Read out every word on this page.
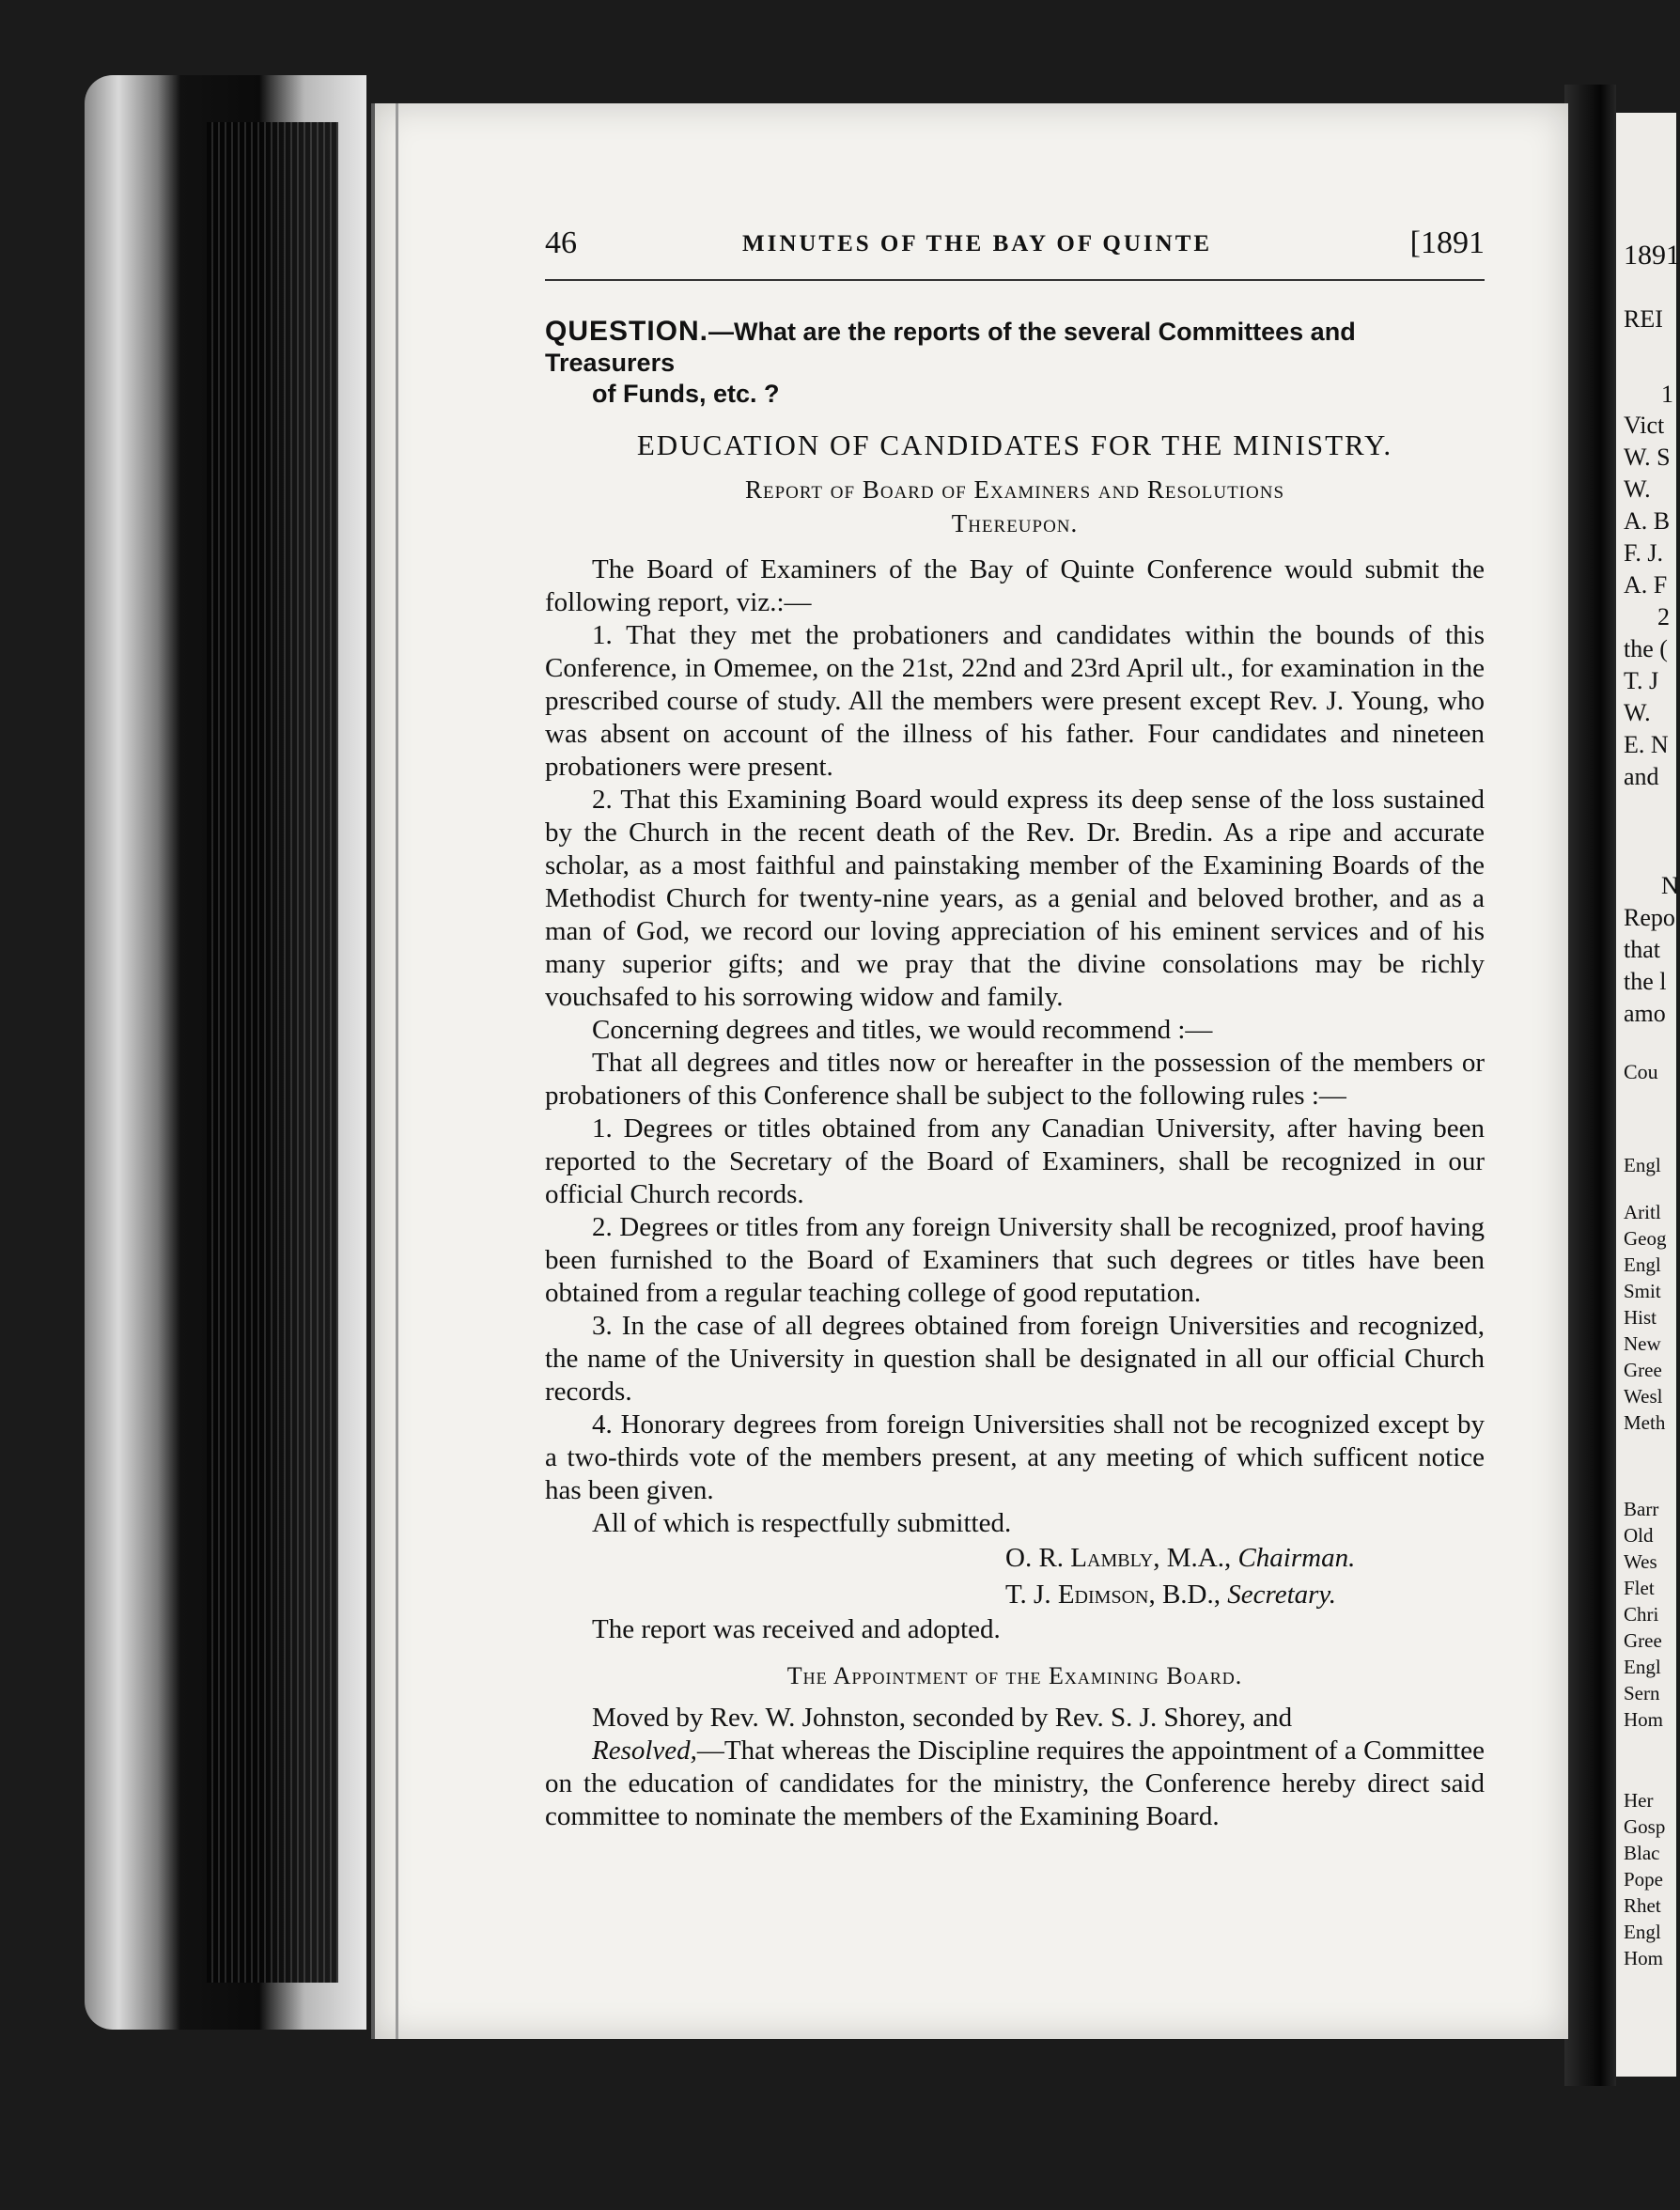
1891
REI
1
Vict
W. S
W.
A. B
F. J.
A. F
2
the (
T. J
W.
E. N
and
N
Repo
that
the l
amo
Cou
Engl
Aritl
Geog
Engl
Smit
Hist
New
Gree
Wesl
Meth
Barr
Old
Wes
Flet
Chri
Gree
Engl
Sern
Hom
Her
Gosp
Blac
Pope
Rhet
Engl
Hom
46	MINUTES OF THE BAY OF QUINTE	[1891
QUESTION.—What are the reports of the several Committees and Treasurers
of Funds, etc. ?
EDUCATION OF CANDIDATES FOR THE MINISTRY.
Report of Board of Examiners and Resolutions
Thereupon.

The Board of Examiners of the Bay of Quinte Conference would submit the following report, viz.:—

1. That they met the probationers and candidates within the bounds of this Conference, in Omemee, on the 21st, 22nd and 23rd April ult., for examination in the prescribed course of study. All the members were present except Rev. J. Young, who was absent on account of the illness of his father. Four candidates and nineteen probationers were present.

2. That this Examining Board would express its deep sense of the loss sustained by the Church in the recent death of the Rev. Dr. Bredin. As a ripe and accurate scholar, as a most faithful and painstaking member of the Examining Boards of the Methodist Church for twenty-nine years, as a genial and beloved brother, and as a man of God, we record our loving appreciation of his eminent services and of his many superior gifts; and we pray that the divine consolations may be richly vouchsafed to his sorrowing widow and family.

Concerning degrees and titles, we would recommend :—

That all degrees and titles now or hereafter in the possession of the members or probationers of this Conference shall be subject to the following rules :—

1. Degrees or titles obtained from any Canadian University, after having been reported to the Secretary of the Board of Examiners, shall be recognized in our official Church records.

2. Degrees or titles from any foreign University shall be recognized, proof having been furnished to the Board of Examiners that such degrees or titles have been obtained from a regular teaching college of good reputation.

3. In the case of all degrees obtained from foreign Universities and recognized, the name of the University in question shall be designated in all our official Church records.

4. Honorary degrees from foreign Universities shall not be recognized except by a two-thirds vote of the members present, at any meeting of which sufficent notice has been given.

All of which is respectfully submitted.

O. R. Lambly, M.A., Chairman.
T. J. Edimson, B.D., Secretary.

The report was received and adopted.

The Appointment of the Examining Board.

Moved by Rev. W. Johnston, seconded by Rev. S. J. Shorey, and

Resolved,—That whereas the Discipline requires the appointment of a Committee on the education of candidates for the ministry, the Conference hereby direct said committee to nominate the members of the Examining Board.
